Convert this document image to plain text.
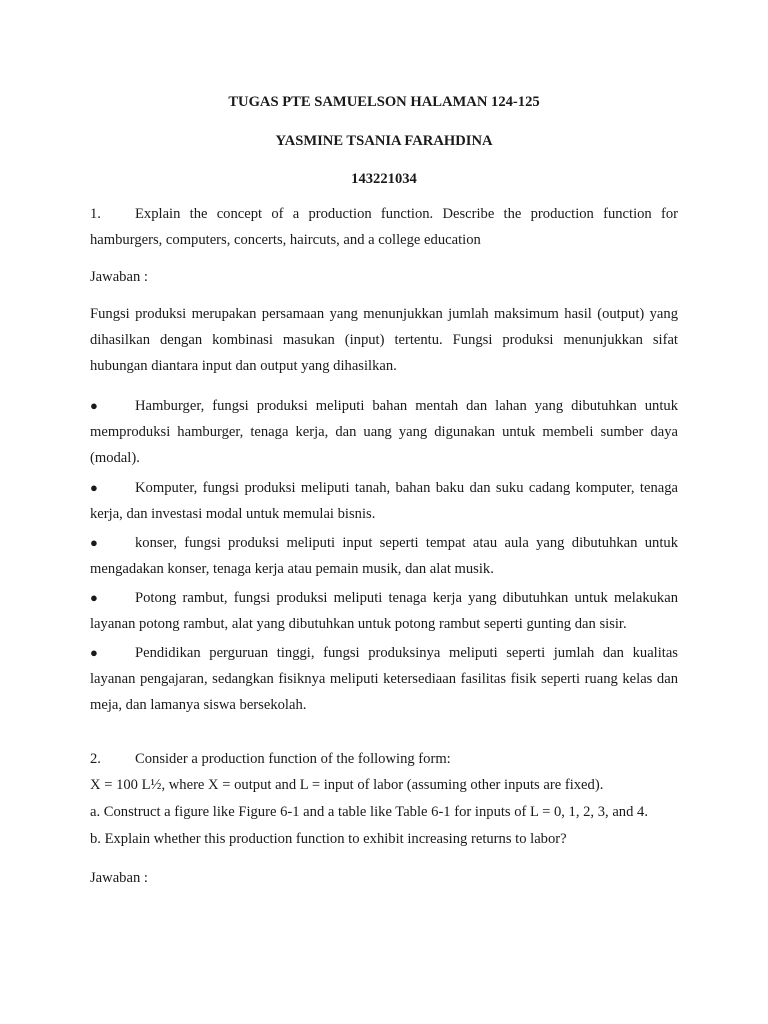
TUGAS PTE SAMUELSON HALAMAN 124-125
YASMINE TSANIA FARAHDINA
143221034
1. Explain the concept of a production function. Describe the production function for hamburgers, computers, concerts, haircuts, and a college education
Jawaban :
Fungsi produksi merupakan persamaan yang menunjukkan jumlah maksimum hasil (output) yang dihasilkan dengan kombinasi masukan (input) tertentu. Fungsi produksi menunjukkan sifat hubungan diantara input dan output yang dihasilkan.
●	Hamburger, fungsi produksi meliputi bahan mentah dan lahan yang dibutuhkan untuk memproduksi hamburger, tenaga kerja, dan uang yang digunakan untuk membeli sumber daya (modal).
●	Komputer, fungsi produksi meliputi tanah, bahan baku dan suku cadang komputer, tenaga kerja, dan investasi modal untuk memulai bisnis.
●	konser, fungsi produksi meliputi input seperti tempat atau aula yang dibutuhkan untuk mengadakan konser, tenaga kerja atau pemain musik, dan alat musik.
●	Potong rambut, fungsi produksi meliputi tenaga kerja yang dibutuhkan untuk melakukan layanan potong rambut, alat yang dibutuhkan untuk potong rambut seperti gunting dan sisir.
●	Pendidikan perguruan tinggi, fungsi produksinya meliputi seperti jumlah dan kualitas layanan pengajaran, sedangkan fisiknya meliputi ketersediaan fasilitas fisik seperti ruang kelas dan meja, dan lamanya siswa bersekolah.
2. Consider a production function of the following form:
X = 100 L½, where X = output and L = input of labor (assuming other inputs are fixed).
a. Construct a figure like Figure 6-1 and a table like Table 6-1 for inputs of L = 0, 1, 2, 3, and 4.
b. Explain whether this production function to exhibit increasing returns to labor?
Jawaban :
